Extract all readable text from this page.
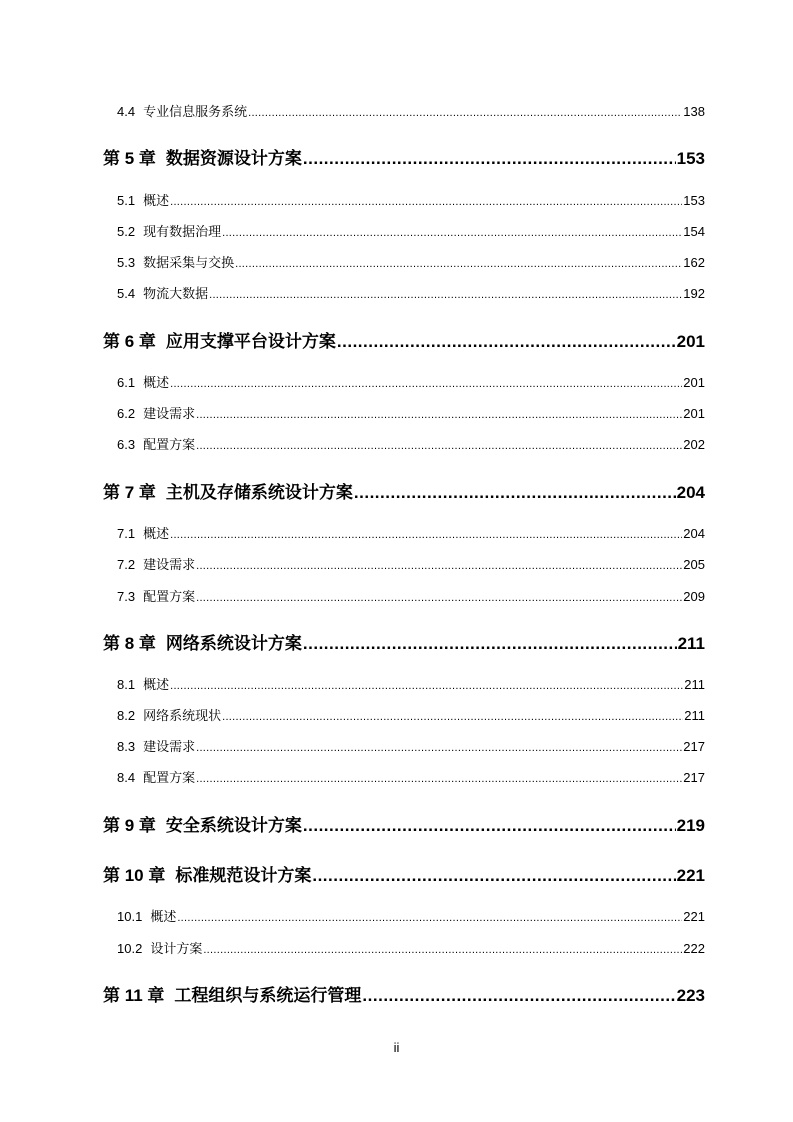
4.4 专业信息服务系统 .....	138
第 5 章 数据资源设计方案 .....	153
5.1 概述 .....	153
5.2 现有数据治理 .....	154
5.3 数据采集与交换 .....	162
5.4 物流大数据 .....	192
第 6 章 应用支撑平台设计方案 .....	201
6.1 概述 .....	201
6.2 建设需求 .....	201
6.3 配置方案 .....	202
第 7 章 主机及存储系统设计方案 .....	204
7.1 概述 .....	204
7.2 建设需求 .....	205
7.3 配置方案 .....	209
第 8 章 网络系统设计方案 .....	211
8.1 概述 .....	211
8.2 网络系统现状 .....	211
8.3 建设需求 .....	217
8.4 配置方案 .....	217
第 9 章 安全系统设计方案 .....	219
第 10 章 标准规范设计方案 .....	221
10.1 概述 .....	221
10.2 设计方案 .....	222
第 11 章 工程组织与系统运行管理 .....	223
ii
